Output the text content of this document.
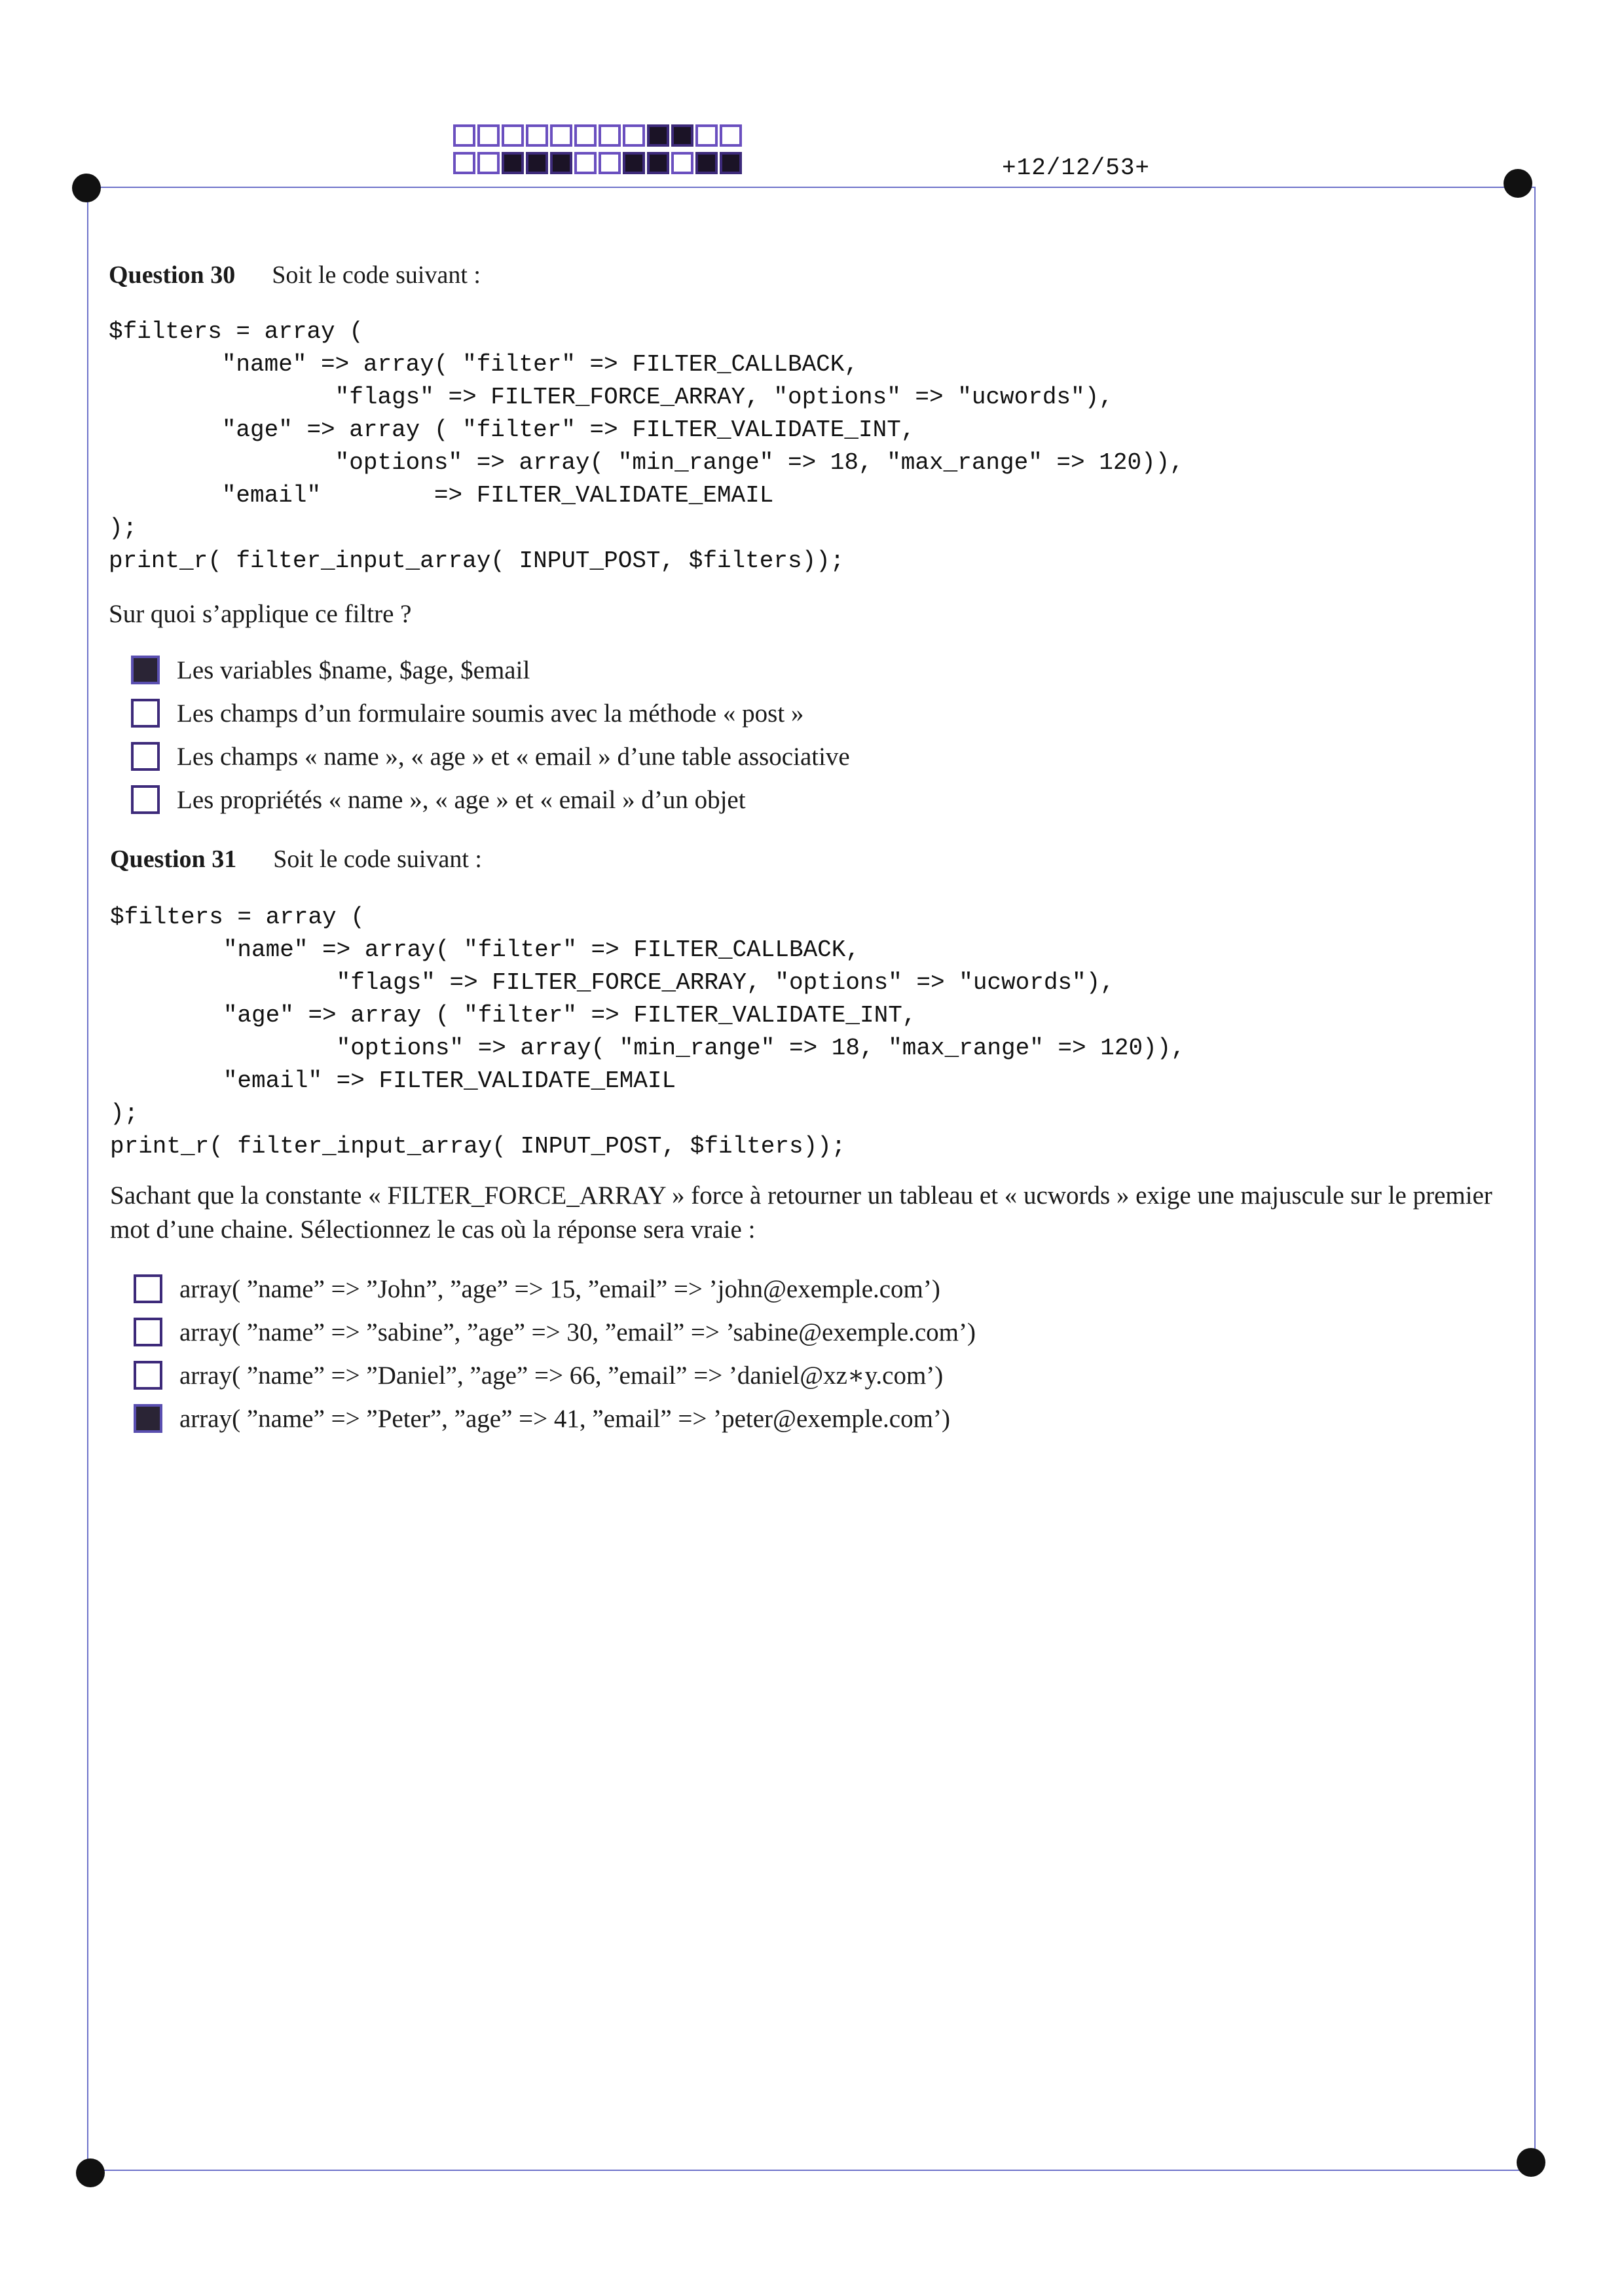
+12/12/53+
Question 30 Soit le code suivant :
$filters = array (
"name" => array( "filter" => FILTER_CALLBACK,
"flags" => FILTER_FORCE_ARRAY, "options" => "ucwords"),
"age" => array ( "filter" => FILTER_VALIDATE_INT,
"options" => array( "min_range" => 18, "max_range" => 120)),
"email"        => FILTER_VALIDATE_EMAIL
);
print_r( filter_input_array( INPUT_POST, $filters));
Sur quoi s’applique ce filtre ?
Les variables $name, $age, $email
Les champs d’un formulaire soumis avec la méthode « post »
Les champs « name », « age » et « email » d’une table associative
Les propriétés « name », « age » et « email » d’un objet
Question 31 Soit le code suivant :
$filters = array (
"name" => array( "filter" => FILTER_CALLBACK,
"flags" => FILTER_FORCE_ARRAY, "options" => "ucwords"),
"age" => array ( "filter" => FILTER_VALIDATE_INT,
"options" => array( "min_range" => 18, "max_range" => 120)),
"email" => FILTER_VALIDATE_EMAIL
);
print_r( filter_input_array( INPUT_POST, $filters));
Sachant que la constante « FILTER_FORCE_ARRAY » force à retourner un tableau et « ucwords » exige une majuscule sur le premier mot d’une chaine. Sélectionnez le cas où la réponse sera vraie :
array( ”name” => ”John”, ”age” => 15, ”email” => ’john@exemple.com’)
array( ”name” => ”sabine”, ”age” => 30, ”email” => ’sabine@exemple.com’)
array( ”name” => ”Daniel”, ”age” => 66, ”email” => ’daniel@xz∗y.com’)
array( ”name” => ”Peter”, ”age” => 41, ”email” => ’peter@exemple.com’)
